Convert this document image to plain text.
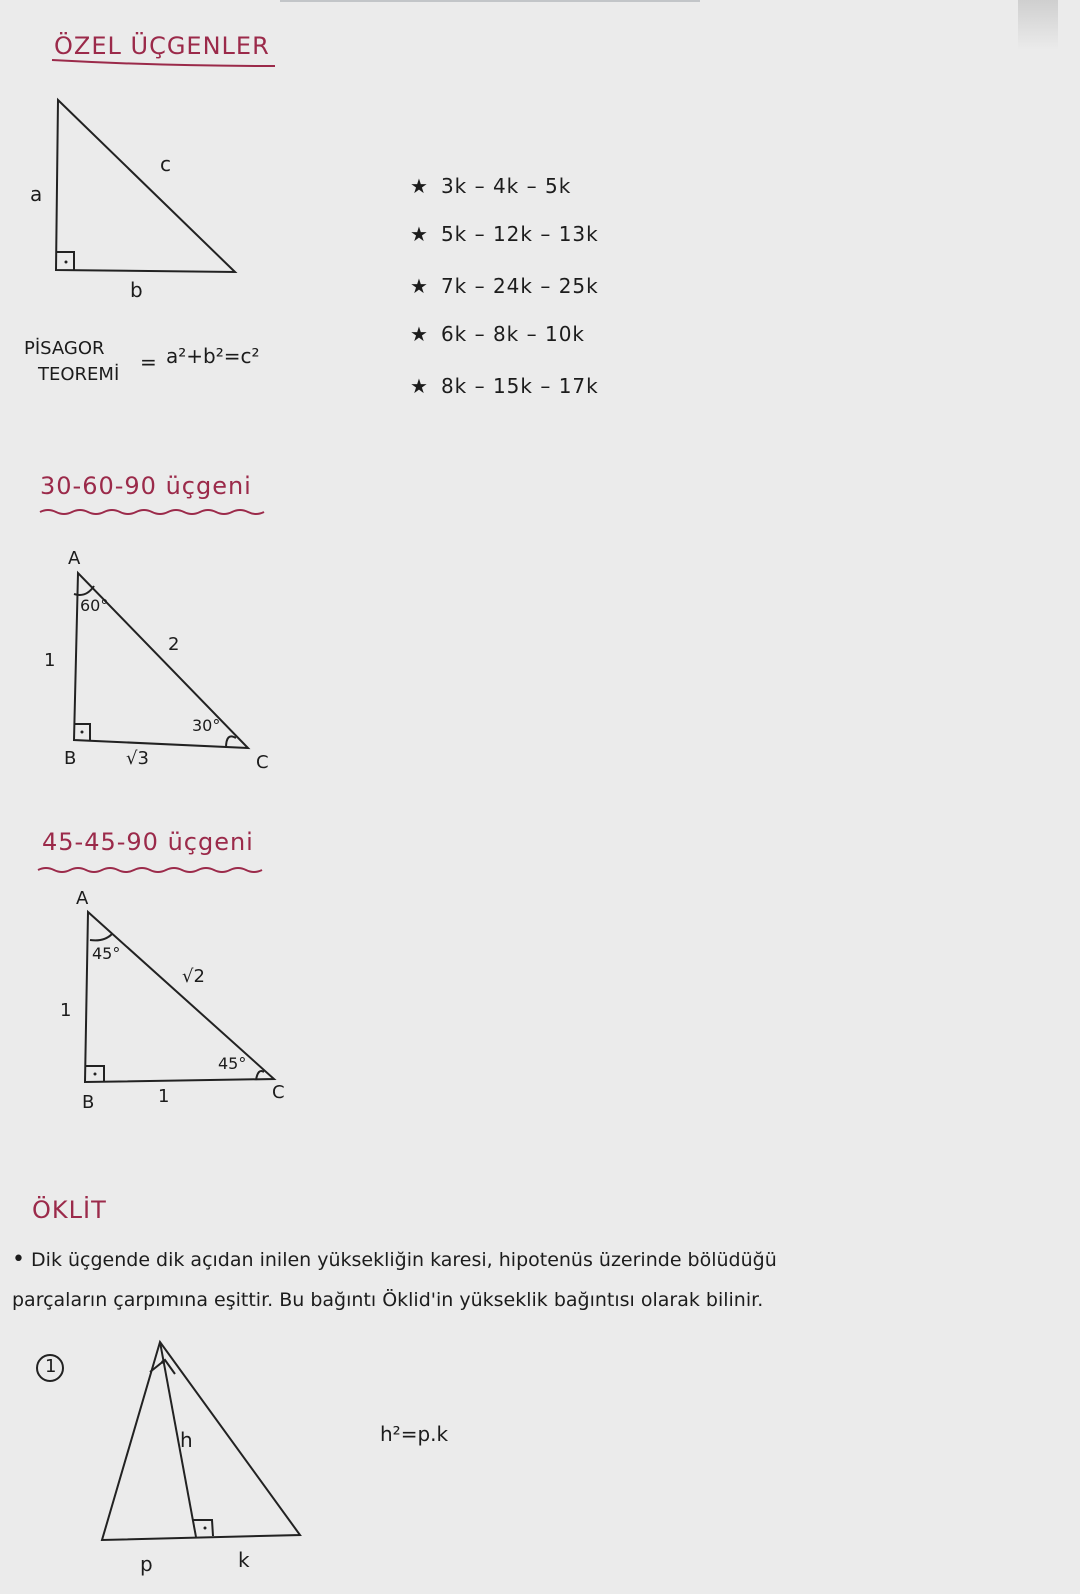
ÖZEL ÜÇGENLER
a
c
b
PİSAGOR
TEOREMİ
= a²+b²=c²
★ 3k – 4k – 5k
★ 5k – 12k – 13k
★ 7k – 24k – 25k
★ 6k – 8k – 10k
★ 8k – 15k – 17k
30-60-90 üçgeni
A
60°
1
2
30°
B	√3	C
45-45-90 üçgeni
A
45°
√2
1
45°
B	1	C
ÖKLİT
• Dik üçgende dik açıdan inilen yüksekliğin karesi, hipotenüs üzerinde bölüdüğü
parçaların çarpımına eşittir. Bu bağıntı Öklid'in yükseklik bağıntısı olarak bilinir.
1
h
p	k
h²=p.k
